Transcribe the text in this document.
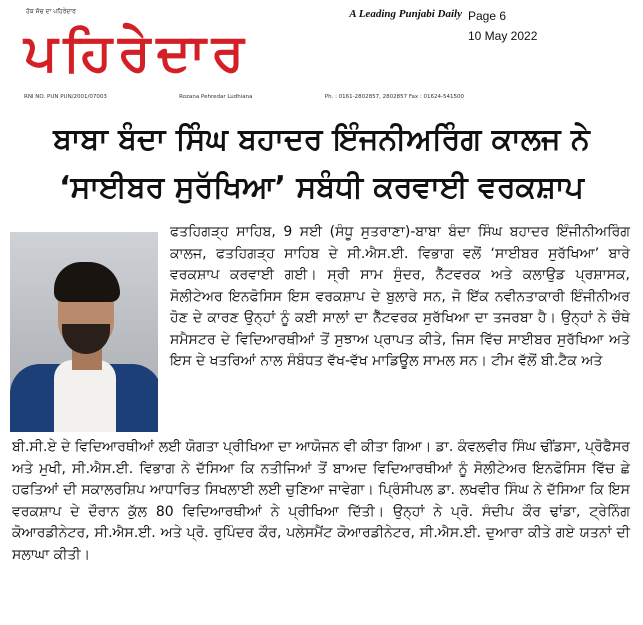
ਹੱਕ ਸੱਚ ਦਾ ਪਹਿਰੇਦਾਰ	A Leading Punjabi Daily
ਪਹਿਰੇਦਾਰ
RNI NO. PUN PUN/2001/07003	Rozana Pehredar Ludhiana	Ph. : 0161-2802857, 2802857 Fax : 01624-541500
Page 6
10 May 2022
ਬਾਬਾ ਬੰਦਾ ਸਿੰਘ ਬਹਾਦਰ ਇੰਜਨੀਅਰਿੰਗ ਕਾਲਜ ਨੇ
‘ਸਾਈਬਰ ਸੁਰੱਖਿਆ’ ਸਬੰਧੀ ਕਰਵਾਈ ਵਰਕਸ਼ਾਪ
ਫਤਹਿਗੜ੍ਹ ਸਾਹਿਬ, 9 ਸਈ (ਸੰਧੂ ਸੁਤਰਾਣਾ)-ਬਾਬਾ ਬੰਦਾ ਸਿੰਘ ਬਹਾਦਰ ਇੰਜੀਨੀਅਰਿੰਗ ਕਾਲਜ, ਫਤਹਿਗੜ੍ਹ ਸਾਹਿਬ ਦੇ ਸੀ.ਐਸ.ਈ. ਵਿਭਾਗ ਵਲੋਂ ‘ਸਾਈਬਰ ਸੁਰੱਖਿਆ’ ਬਾਰੇ ਵਰਕਸ਼ਾਪ ਕਰਵਾਈ ਗਈ। ਸ੍ਰੀ ਸਾਮ ਸੁੰਦਰ, ਨੈੱਟਵਰਕ ਅਤੇ ਕਲਾਉਡ ਪ੍ਰਸ਼ਾਸਕ, ਸੋਲੀਟੇਅਰ ਇਨਫੋਸਿਸ ਇਸ ਵਰਕਸ਼ਾਪ ਦੇ ਬੁਲਾਰੇ ਸਨ, ਜੋ ਇੱਕ ਨਵੀਨਤਾਕਾਰੀ ਇੰਜੀਨੀਅਰ ਹੋਣ ਦੇ ਕਾਰਣ ਉਨ੍ਹਾਂ ਨੂੰ ਕਈ ਸਾਲਾਂ ਦਾ ਨੈੱਟਵਰਕ ਸੁਰੱਖਿਆ ਦਾ ਤਜਰਬਾ ਹੈ। ਉਨ੍ਹਾਂ ਨੇ ਚੌਥੇ ਸਮੈਸਟਰ ਦੇ ਵਿਦਿਆਰਥੀਆਂ ਤੋਂ ਸੁਝਾਅ ਪ੍ਰਾਪਤ ਕੀਤੇ, ਜਿਸ ਵਿੱਚ ਸਾਈਬਰ ਸੁਰੱਖਿਆ ਅਤੇ ਇਸ ਦੇ ਖਤਰਿਆਂ ਨਾਲ ਸੰਬੰਧਤ ਵੱਖ-ਵੱਖ ਮਾਡਿਊਲ ਸਾਮਲ ਸਨ। ਟੀਮ ਵੱਲੋਂ ਬੀ.ਟੈਕ ਅਤੇ
ਬੀ.ਸੀ.ਏ ਦੇ ਵਿਦਿਆਰਥੀਆਂ ਲਈ ਯੋਗਤਾ ਪ੍ਰੀਖਿਆ ਦਾ ਆਯੋਜਨ ਵੀ ਕੀਤਾ ਗਿਆ। ਡਾ. ਕੰਵਲਵੀਰ ਸਿੰਘ ਢੀਂਡਸਾ, ਪ੍ਰੋਫੈਸਰ ਅਤੇ ਮੁਖੀ, ਸੀ.ਐਸ.ਈ. ਵਿਭਾਗ ਨੇ ਦੱਸਿਆ ਕਿ ਨਤੀਜਿਆਂ ਤੋਂ ਬਾਅਦ ਵਿਦਿਆਰਥੀਆਂ ਨੂੰ ਸੋਲੀਟੇਅਰ ਇਨਫੋਸਿਸ ਵਿੱਚ ਛੇ ਹਫਤਿਆਂ ਦੀ ਸਕਾਲਰਸ਼ਿਪ ਆਧਾਰਿਤ ਸਿਖਲਾਈ ਲਈ ਚੁਣਿਆ ਜਾਵੇਗਾ। ਪ੍ਰਿੰਸੀਪਲ ਡਾ. ਲਖਵੀਰ ਸਿੰਘ ਨੇ ਦੱਸਿਆ ਕਿ ਇਸ ਵਰਕਸ਼ਾਪ ਦੇ ਦੌਰਾਨ ਕੁੱਲ 80 ਵਿਦਿਆਰਥੀਆਂ ਨੇ ਪ੍ਰੀਖਿਆ ਦਿੱਤੀ। ਉਨ੍ਹਾਂ ਨੇ ਪ੍ਰੋ. ਸੰਦੀਪ ਕੌਰ ਢਾਂਡਾ, ਟ੍ਰੇਨਿੰਗ ਕੋਆਰਡੀਨੇਟਰ, ਸੀ.ਐਸ.ਈ. ਅਤੇ ਪ੍ਰੋ. ਰੁਪਿੰਦਰ ਕੌਰ, ਪਲੇਸਮੈਂਟ ਕੋਆਰਡੀਨੇਟਰ, ਸੀ.ਐਸ.ਈ. ਦੁਆਰਾ ਕੀਤੇ ਗਏ ਯਤਨਾਂ ਦੀ ਸਲਾਘਾ ਕੀਤੀ।
